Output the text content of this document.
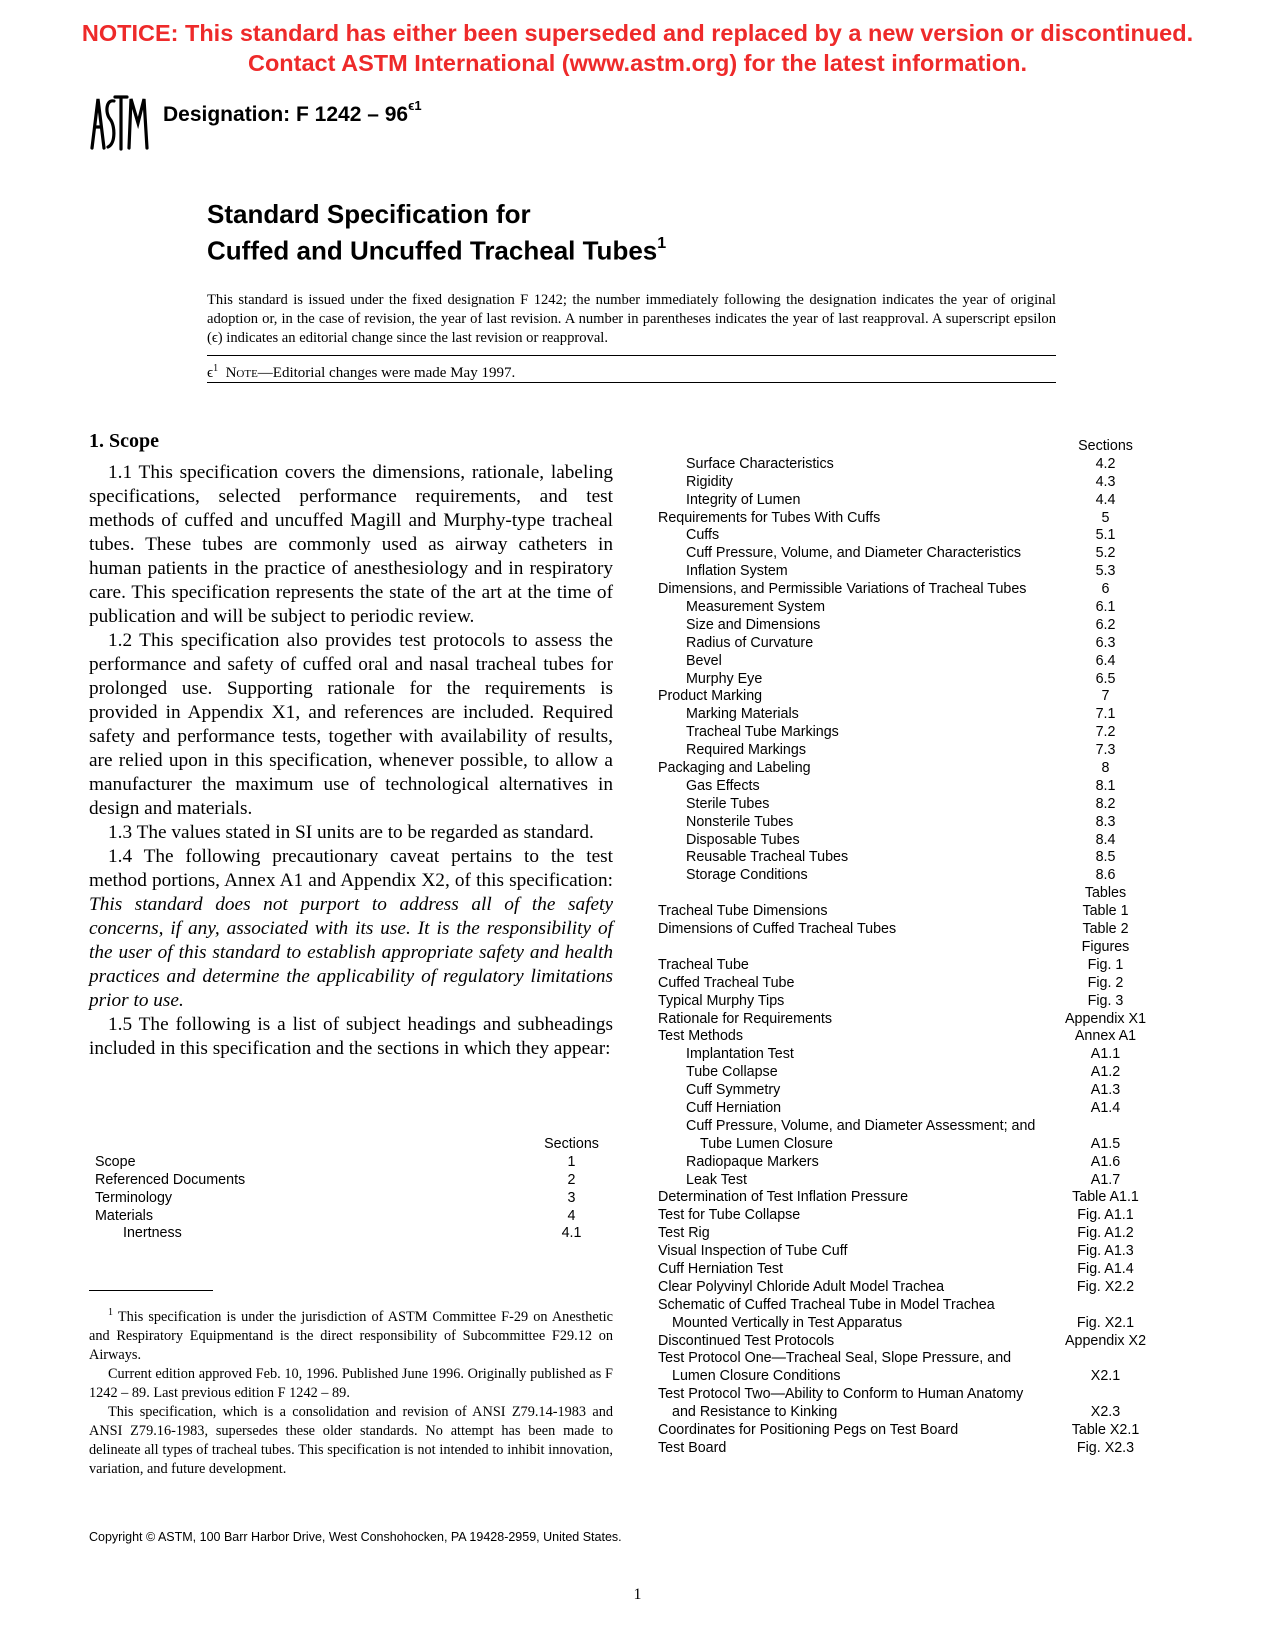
NOTICE: This standard has either been superseded and replaced by a new version or discontinued.
Contact ASTM International (www.astm.org) for the latest information.
Designation: F $1242 - 96^{\epsilon 1}$
Standard Specification for
Cuffed and Uncuffed Tracheal Tubes$^1$
This standard is issued under the fixed designation F 1242; the number immediately following the designation indicates the year of original adoption or, in the case of revision, the year of last revision. A number in parentheses indicates the year of last reapproval. A superscript epsilon (ϵ) indicates an editorial change since the last revision or reapproval.
$\epsilon^1$ Note—Editorial changes were made May 1997.
1. Scope

1.1 This specification covers the dimensions, rationale, labeling specifications, selected performance requirements, and test methods of cuffed and uncuffed Magill and Murphy-type tracheal tubes. These tubes are commonly used as airway catheters in human patients in the practice of anesthesiology and in respiratory care. This specification represents the state of the art at the time of publication and will be subject to periodic review.

1.2 This specification also provides test protocols to assess the performance and safety of cuffed oral and nasal tracheal tubes for prolonged use. Supporting rationale for the requirements is provided in Appendix X1, and references are included. Required safety and performance tests, together with availability of results, are relied upon in this specification, whenever possible, to allow a manufacturer the maximum use of technological alternatives in design and materials.

1.3 The values stated in SI units are to be regarded as standard.

1.4 The following precautionary caveat pertains to the test method portions, Annex A1 and Appendix X2, of this specification: This standard does not purport to address all of the safety concerns, if any, associated with its use. It is the responsibility of the user of this standard to establish appropriate safety and health practices and determine the applicability of regulatory limitations prior to use.

1.5 The following is a list of subject headings and subheadings included in this specification and the sections in which they appear:

Sections
Scope	1
Referenced Documents	2
Terminology	3
Materials	4
Inertness	4.1

$^1$ This specification is under the jurisdiction of ASTM Committee F-29 on Anesthetic and Respiratory Equipmentand is the direct responsibility of Subcommittee F29.12 on Airways.

Current edition approved Feb. 10, 1996. Published June 1996. Originally published as F 1242 – 89. Last previous edition F 1242 – 89.

This specification, which is a consolidation and revision of ANSI Z79.14-1983 and ANSI Z79.16-1983, supersedes these older standards. No attempt has been made to delineate all types of tracheal tubes. This specification is not intended to inhibit innovation, variation, and future development.

Sections
Surface Characteristics	4.2
Rigidity	4.3
Integrity of Lumen	4.4
Requirements for Tubes With Cuffs	5
Cuffs	5.1
Cuff Pressure, Volume, and Diameter Characteristics	5.2
Inflation System	5.3
Dimensions, and Permissible Variations of Tracheal Tubes	6
Measurement System	6.1
Size and Dimensions	6.2
Radius of Curvature	6.3
Bevel	6.4
Murphy Eye	6.5
Product Marking	7
Marking Materials	7.1
Tracheal Tube Markings	7.2
Required Markings	7.3
Packaging and Labeling	8
Gas Effects	8.1
Sterile Tubes	8.2
Nonsterile Tubes	8.3
Disposable Tubes	8.4
Reusable Tracheal Tubes	8.5
Storage Conditions	8.6
Tables
Tracheal Tube Dimensions	Table 1
Dimensions of Cuffed Tracheal Tubes	Table 2
Figures
Tracheal Tube	Fig. 1
Cuffed Tracheal Tube	Fig. 2
Typical Murphy Tips	Fig. 3
Rationale for Requirements	Appendix X1
Test Methods	Annex A1
Implantation Test	A1.1
Tube Collapse	A1.2
Cuff Symmetry	A1.3
Cuff Herniation	A1.4
Cuff Pressure, Volume, and Diameter Assessment; and
Tube Lumen Closure	A1.5
Radiopaque Markers	A1.6
Leak Test	A1.7
Determination of Test Inflation Pressure	Table A1.1
Test for Tube Collapse	Fig. A1.1
Test Rig	Fig. A1.2
Visual Inspection of Tube Cuff	Fig. A1.3
Cuff Herniation Test	Fig. A1.4
Clear Polyvinyl Chloride Adult Model Trachea	Fig. X2.2
Schematic of Cuffed Tracheal Tube in Model Trachea
Mounted Vertically in Test Apparatus	Fig. X2.1
Discontinued Test Protocols	Appendix X2
Test Protocol One—Tracheal Seal, Slope Pressure, and
Lumen Closure Conditions	X2.1
Test Protocol Two—Ability to Conform to Human Anatomy
and Resistance to Kinking	X2.3
Coordinates for Positioning Pegs on Test Board	Table X2.1
Test Board	Fig. X2.3
Copyright © ASTM, 100 Barr Harbor Drive, West Conshohocken, PA 19428-2959, United States.
1
